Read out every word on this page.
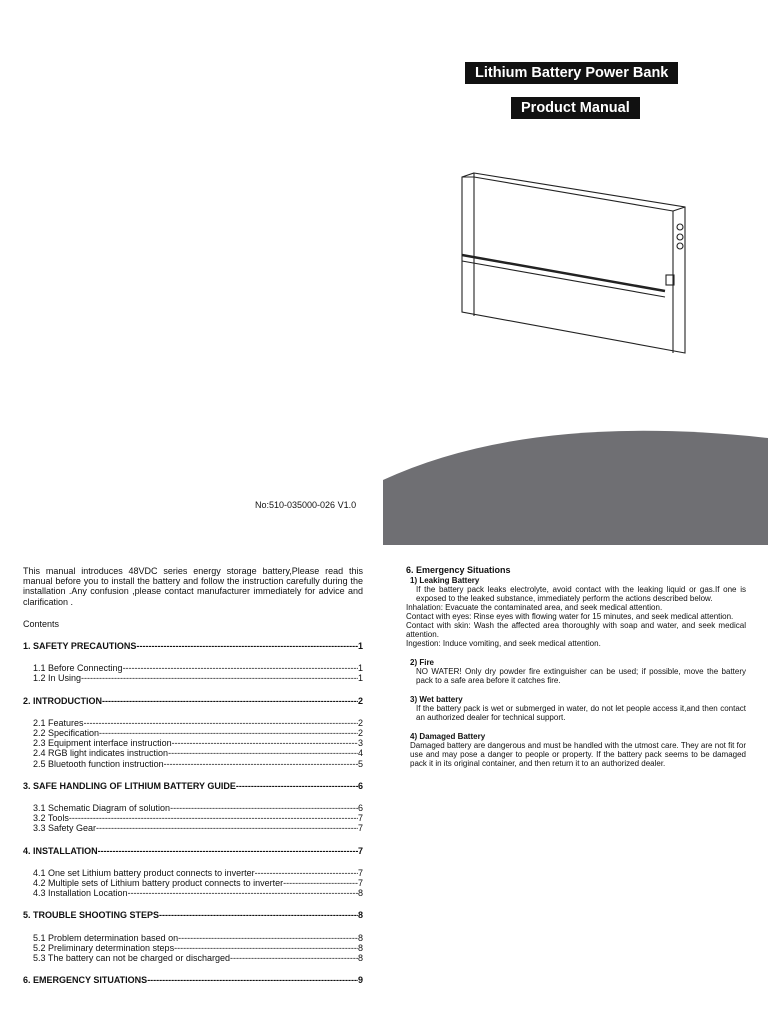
Lithium Battery Power Bank
Product Manual
No:510-035000-026 V1.0

This manual introduces 48VDC series energy storage battery,Please read this manual before you to install the battery and follow the instruction carefully during the installation .Any confusion ,please contact manufacturer immediately for advice and clarification .

Contents
1. SAFETY PRECAUTIONS -----	1
1.1 Before Connecting -----	1
1.2 In Using -----	1
2. INTRODUCTION -----	2
2.1 Features -----	2
2.2 Specification -----	2
2.3 Equipment interface instruction -----	3
2.4 RGB light indicates instruction -----	4
2.5 Bluetooth function instruction -----	5
3. SAFE HANDLING OF LITHIUM BATTERY GUIDE -----	6
3.1 Schematic Diagram of solution -----	6
3.2 Tools -----	7
3.3 Safety Gear -----	7
4. INSTALLATION -----	7
4.1 One set Lithium battery product connects to inverter -----	7
4.2 Multiple sets of Lithium battery product connects to inverter -----	7
4.3 Installation Location -----	8
5. TROUBLE SHOOTING STEPS -----	8
5.1 Problem determination based on -----	8
5.2 Preliminary determination steps -----	8
5.3 The battery can not be charged or discharged -----	8
6. EMERGENCY SITUATIONS -----	9
6. Emergency Situations
1) Leaking Battery
If the battery pack leaks electrolyte, avoid contact with the leaking liquid or gas.If one is exposed to the leaked substance, immediately perform the actions described below.
Inhalation: Evacuate the contaminated area, and seek medical attention.
Contact with eyes: Rinse eyes with flowing water for 15 minutes, and seek medical attention.
Contact with skin: Wash the affected area thoroughly with soap and water, and seek medical attention.
Ingestion: Induce vomiting, and seek medical attention.
2) Fire
NO WATER! Only dry powder fire extinguisher can be used; if possible, move the battery pack to a safe area before it catches fire.
3) Wet battery
If the battery pack is wet or submerged in water, do not let people access it,and then contact an authorized dealer for technical support.
4) Damaged Battery
Damaged battery are dangerous and must be handled with the utmost care. They are not fit for use and may pose a danger to people or property. If the battery pack seems to be damaged pack it in its original container, and then return it to an authorized dealer.
